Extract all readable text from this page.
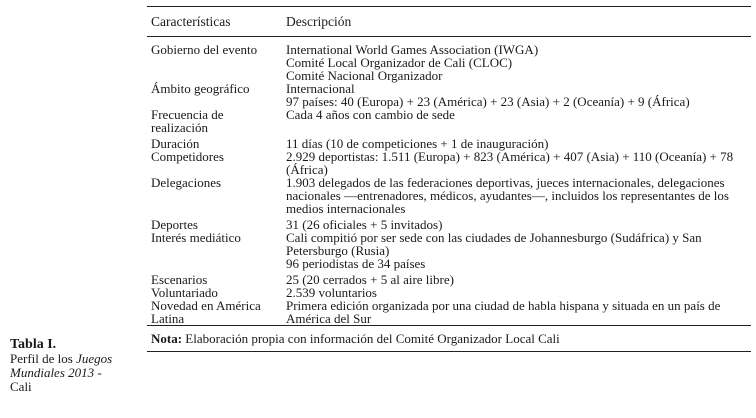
Tabla I.
Perfil de los Juegos
Mundiales 2013 -
Cali
Características	Descripción
Gobierno del evento	International World Games Association (IWGA)
Comité Local Organizador de Cali (CLOC)
Comité Nacional Organizador

Ámbito geográfico	Internacional
97 países: 40 (Europa) + 23 (América) + 23 (Asia) + 2 (Oceanía) + 9 (África)

Frecuencia de realización	Cada 4 años con cambio de sede

Duración	11 días (10 de competiciones + 1 de inauguración)

Competidores	2.929 deportistas: 1.511 (Europa) + 823 (América) + 407 (Asia) + 110 (Oceanía) + 78 (África)

Delegaciones	1.903 delegados de las federaciones deportivas, jueces internacionales, delegaciones nacionales —entrenadores, médicos, ayudantes—, incluidos los representantes de los medios internacionales

Deportes	31 (26 oficiales + 5 invitados)

Interés mediático	Cali compitió por ser sede con las ciudades de Johannesburgo (Sudáfrica) y San Petersburgo (Rusia)
96 periodistas de 34 países

Escenarios	25 (20 cerrados + 5 al aire libre)

Voluntariado	2.539 voluntarios

Novedad en América Latina	Primera edición organizada por una ciudad de habla hispana y situada en un país de América del Sur

Nota: Elaboración propia con información del Comité Organizador Local Cali	
